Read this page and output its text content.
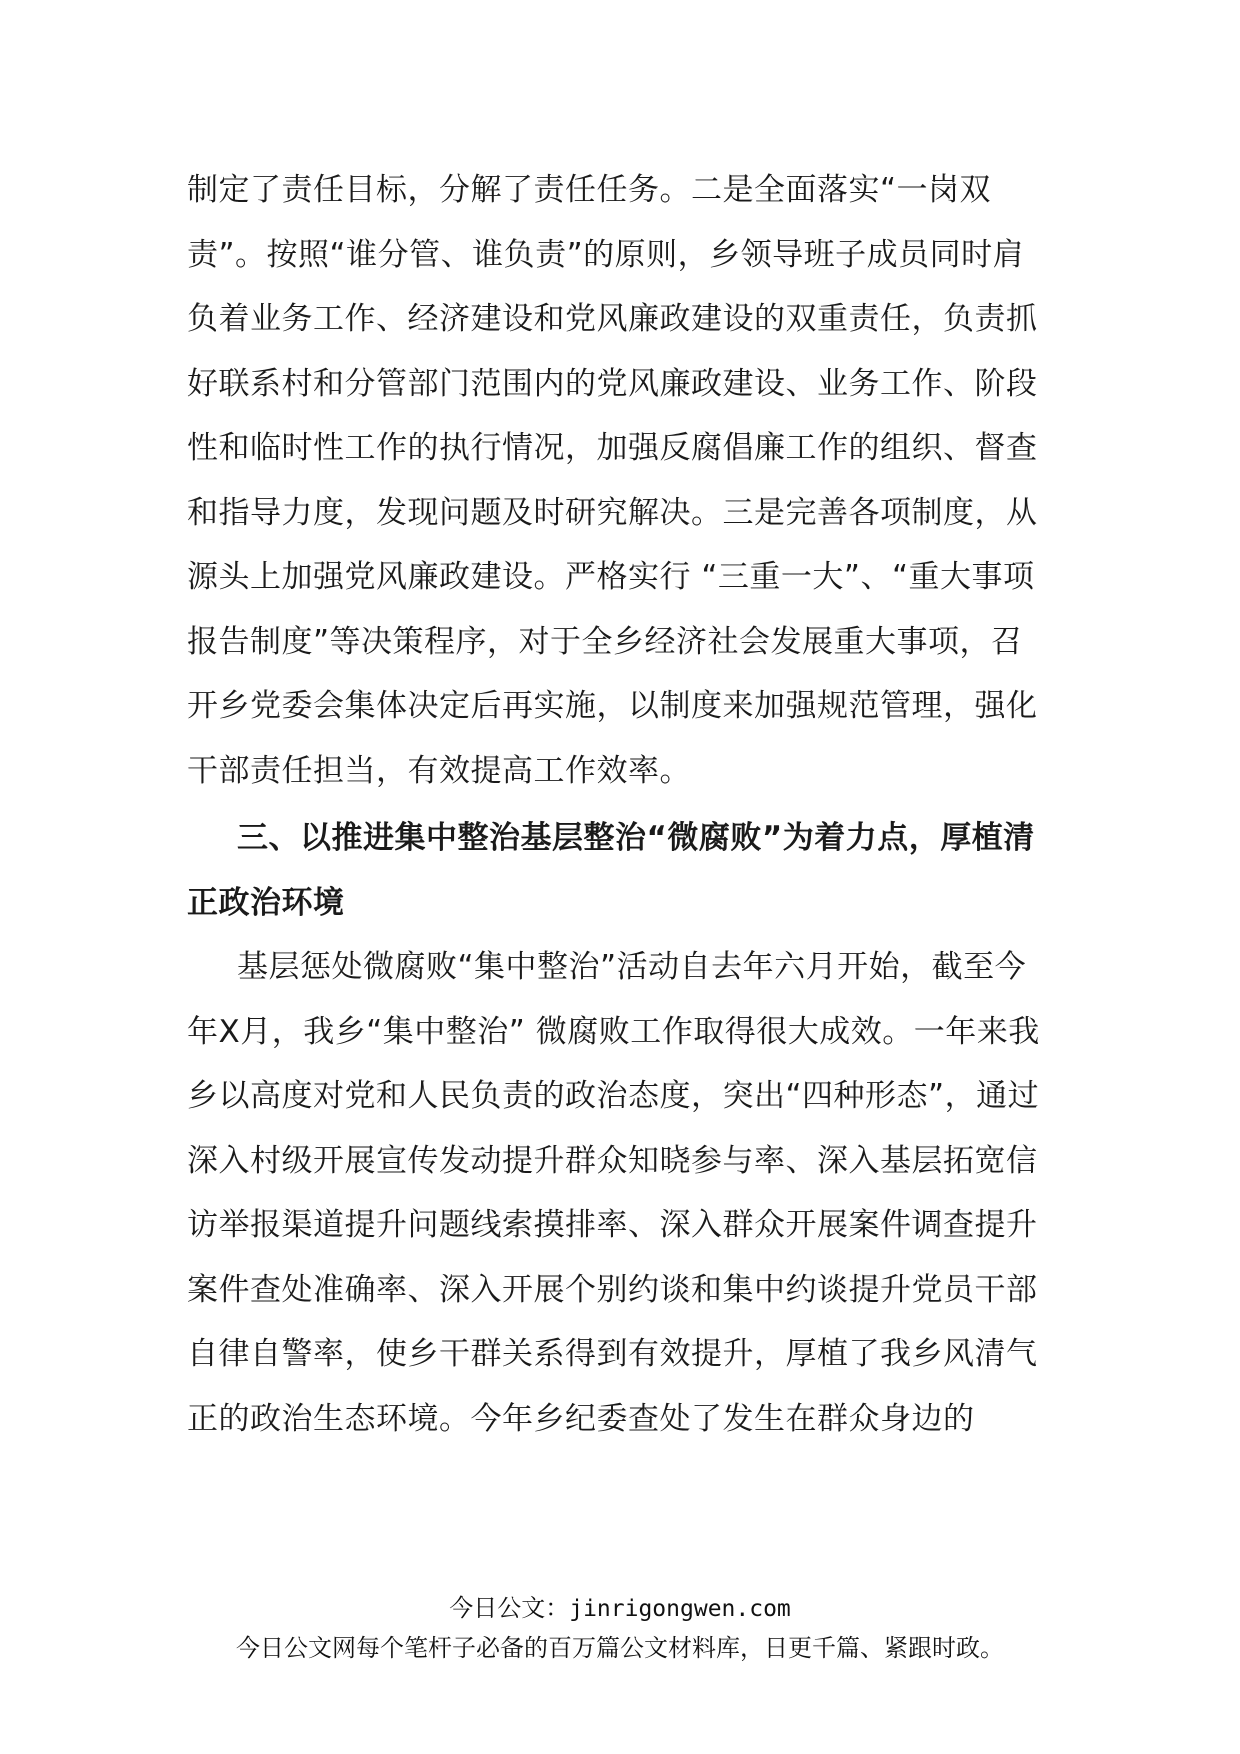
制定了责任目标，分解了责任任务。二是全面落实“一岗双责”。按照“谁分管、谁负责”的原则，乡领导班子成员同时肩负着业务工作、经济建设和党风廉政建设的双重责任，负责抓好联系村和分管部门范围内的党风廉政建设、业务工作、阶段性和临时性工作的执行情况，加强反腐倡廉工作的组织、督查和指导力度，发现问题及时研究解决。三是完善各项制度，从源头上加强党风廉政建设。严格实行 “三重一大”、“重大事项报告制度”等决策程序，对于全乡经济社会发展重大事项，召开乡党委会集体决定后再实施，以制度来加强规范管理，强化干部责任担当，有效提高工作效率。

三、以推进集中整治基层整治“微腐败”为着力点，厚植清正政治环境

基层惩处微腐败“集中整治”活动自去年六月开始，截至今年Ⅹ月，我乡“集中整治” 微腐败工作取得很大成效。一年来我乡以高度对党和人民负责的政治态度，突出“四种形态”，通过深入村级开展宣传发动提升群众知晓参与率、深入基层拓宽信访举报渠道提升问题线索摸排率、深入群众开展案件调查提升案件查处准确率、深入开展个别约谈和集中约谈提升党员干部自律自警率，使乡干群关系得到有效提升，厚植了我乡风清气正的政治生态环境。今年乡纪委查处了发生在群众身边的

今日公文：jinrigongwen.com
今日公文网每个笔杆子必备的百万篇公文材料库，日更千篇、紧跟时政。
